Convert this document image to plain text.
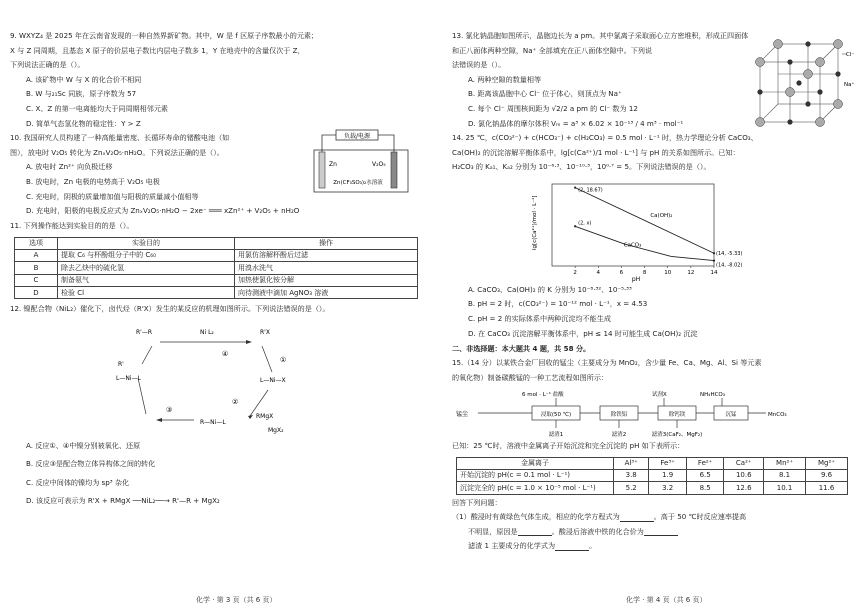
9. WXYZ₄ 是 2025 年在云南省发现的一种自然界新矿物。其中，W 是 f 区原子序数最小的元素；
X 与 Z 同周期，且基态 X 原子的价层电子数比内层电子数多 1，Y 在地壳中的含量仅次于 Z，
下列说法正确的是（）。
A. 该矿物中 W 与 X 的化合价不相同
B. W 与₂₁Sc 同族，原子序数为 57
C. X、Z 的第一电离能均大于同周期相邻元素
D. 简单气态氢化物的稳定性：Y > Z
10. 我国研究人员构建了一种高能量密度、长循环寿命的锗酸电池（如
图），放电时 V₂O₅ 转化为 ZnₓV₂O₅·nH₂O。下列说法正确的是（）。
A. 放电时 Zn²⁺ 向负极迁移
B. 放电时，Zn 电极的电势高于 V₂O₅ 电极
C. 充电时，阴极的质量增加值与阳极的质量减小值相等
D. 充电时，阳极的电极反应式为 ZnₓV₂O₅·nH₂O − 2xe⁻ ═══ xZn²⁺ + V₂O₅ + nH₂O
负载/电源
Zn	V₂O₅
Zn(CF₃SO₃)₂水溶液
11. 下列操作能达到实验目的的是（）。
选项	实验目的	操作
A	提取 C₆ 与杯酚组分子中的 C₆₀	用氯仿溶解杯酚后过滤
B	除去乙炔中的硫化氢	用溴水洗气
C	制备氨气	加热使氯化铵分解
D	检验 Cl	向待测液中滴加 AgNO₃ 溶液
12. 镍配合物（NiL₂）催化下，卤代烃（R'X）发生的某反应的机理如图所示。下列说法错误的是（）。
R'—R	Ni L₂	R'X
R'
L—Ni—L	L—Ni—X
R—Ni—L
RMgX
MgX₂
④
①
②
③
A. 反应①、④中镍分别被氧化、还原
B. 反应③是配合物立体异构体之间的转化
C. 反应中间体的镍均为 sp³ 杂化
D. 该反应可表示为 R'X + RMgX ──NiL₂──→ R'—R + MgX₂
化学 · 第 3 页（共 6 页）
13. 氯化钠晶胞如图所示，晶胞边长为 a pm。其中氯离子采取面心立方密堆积，形成正四面体
和正八面体两种空隙，Na⁺ 全部填充在正八面体空隙中。下列说
法错误的是（）。
A. 两种空隙的数量相等
B. 距离该晶胞中心 Cl⁻ 位于体心，则顶点为 Na⁺
C. 每个 Cl⁻ 周围核间距为 √2/2 a pm 的 Cl⁻ 数为 12
D. 氯化钠晶体的摩尔体积 Vₘ = a³ × 6.02 × 10⁻¹³ / 4 m³ · mol⁻¹
Cl⁻
Na⁺
14. 25 ℃，c(CO₃²⁻) + c(HCO₃⁻) + c(H₂CO₃) = 0.5 mol · L⁻¹ 时，热力学理论分析 CaCO₃、
Ca(OH)₂ 的沉淀溶解平衡体系中，lg[c(Ca²⁺)/1 mol · L⁻¹] 与 pH 的关系如图所示。已知：
H₂CO₃ 的 Kₐ₁、Kₐ₂ 分别为 10⁻⁶·³、10⁻¹⁰·³，10⁰·⁷ = 5。下列说法错误的是（）。
lg[c(Ca²⁺)/mol · L⁻¹]
pH
2	4	6	8	10	12	14
Ca(OH)₂
CaCO₃
(2, 18.67)
(2, x)
(14, -5.33)
(14, -8.02)
A. CaCO₃、Ca(OH)₂ 的 K 分别为 10⁻⁸·³²、10⁻⁵·³³
B. pH = 2 时，c(CO₃²⁻) = 10⁻¹² mol · L⁻¹，x = 4.53
C. pH = 2 的实际体系中两种沉淀均不能生成
D. 在 CaCO₃ 沉淀溶解平衡体系中，pH ≤ 14 时可能生成 Ca(OH)₂ 沉淀
二、非选择题：本大题共 4 题，共 58 分。
15.（14 分）以某铁合金厂回收的锰尘（主要成分为 MnO₂，含少量 Fe、Ca、Mg、Al、Si 等元素
的氧化物）制备碳酸锰的一种工艺流程如图所示：
6 mol · L⁻¹ 盐酸	试剂X	NH₄HCO₃
锰尘	浸取(50 ℃)	除铁铝	除钙镁	沉锰	MnCO₃
滤渣1	滤渣2	滤渣3(CaF₂、MgF₂)
已知：25 ℃时，溶液中金属离子开始沉淀和完全沉淀的 pH 如下表所示：
金属离子	Al³⁺	Fe³⁺	Fe²⁺	Ca²⁺	Mn²⁺	Mg²⁺
开始沉淀的 pH(c = 0.1 mol · L⁻¹)	3.8	1.9	6.5	10.6	8.1	9.6
沉淀完全的 pH(c = 1.0 × 10⁻⁵ mol · L⁻¹)	5.2	3.2	8.5	12.6	10.1	11.6
回答下列问题：
（1）酸浸时有黄绿色气体生成，相应的化学方程式为	。高于 50 ℃时反应速率提高
不明显，原因是	。酸浸后溶液中铁的化合价为
滤渣 1 主要成分的化学式为	。
化学 · 第 4 页（共 6 页）
